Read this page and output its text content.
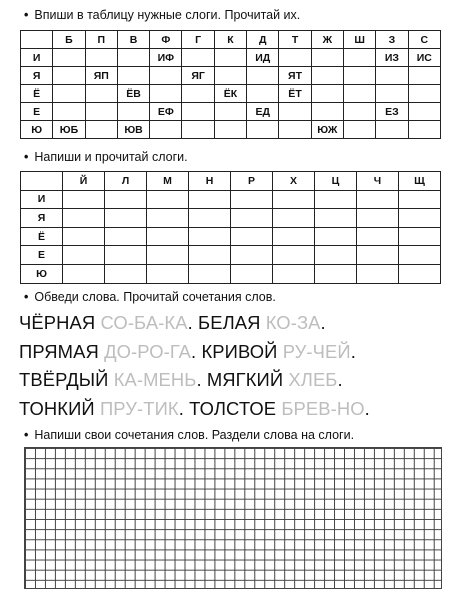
• Впиши в таблицу нужные слоги. Прочитай их.
	Б	П	В	Ф	Г	К	Д	Т	Ж	Ш	З	С
И				ИФ			ИД				ИЗ	ИС
Я		ЯП			ЯГ			ЯТ				
Ё			ЁВ			ЁК		ЁТ				
Е				ЕФ			ЕД				ЕЗ	
Ю	ЮБ		ЮВ						ЮЖ			
• Напиши и прочитай слоги.
	Й	Л	М	Н	Р	Х	Ц	Ч	Щ
И									
Я									
Ё									
Е									
Ю									
• Обведи слова. Прочитай сочетания слов.
ЧЁРНАЯ СО-БА-КА. БЕЛАЯ КО-ЗА.
ПРЯМАЯ ДО-РО-ГА. КРИВОЙ РУ-ЧЕЙ.
ТВЁРДЫЙ КА-МЕНЬ. МЯГКИЙ ХЛЕБ.
ТОНКИЙ ПРУ-ТИК. ТОЛСТОЕ БРЕВ-НО.
• Напиши свои сочетания слов. Раздели слова на слоги.
